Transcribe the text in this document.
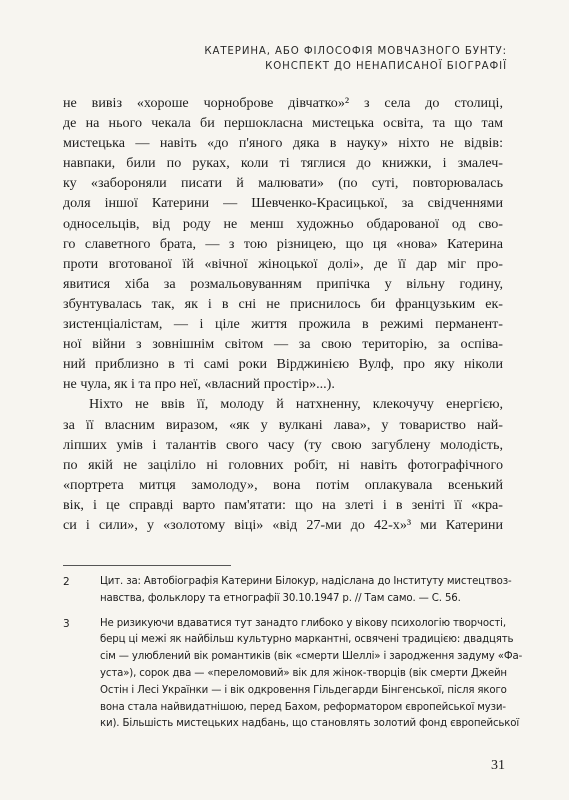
КАТЕРИНА, АБО ФІЛОСОФІЯ МОВЧАЗНОГО БУНТУ:
КОНСПЕКТ ДО НЕНАПИСАНОЇ БІОГРАФІЇ
не вивіз «хороше чорноброве дівчатко»² з села до столиці,
де на нього чекала би першокласна мистецька освіта, та що там
мистецька — навіть «до п'яного дяка в науку» ніхто не відвів:
навпаки, били по руках, коли ті тяглися до книжки, і змалеч-
ку «забороняли писати й малювати» (по суті, повторювалась
доля іншої Катерини — Шевченко-Красицької, за свідченнями
односельців, від роду не менш художньо обдарованої од сво-
го славетного брата, — з тою різницею, що ця «нова» Катерина
проти вготованої їй «вічної жіноцької долі», де її дар міг про-
явитися хіба за розмальовуванням припічка у вільну годину,
збунтувалась так, як і в сні не приснилось би французьким ек-
зистенціалістам, — і ціле життя прожила в режимі перманент-
ної війни з зовнішнім світом — за свою територію, за оспіва-
ний приблизно в ті самі роки Вірджинією Вулф, про яку ніколи
не чула, як і та про неї, «власний простір»...).
Ніхто не ввів її, молоду й натхненну, клекочучу енергією,
за її власним виразом, «як у вулкані лава», у товариство най-
ліпших умів і талантів свого часу (ту свою загублену молодість,
по якій не заціліло ні головних робіт, ні навіть фотографічного
«портрета митця замолоду», вона потім оплакувала всенький
вік, і це справді варто пам'ятати: що на злеті і в зеніті її «кра-
си і сили», у «золотому віці» «від 27-ми до 42-х»³ ми Катерини
2	Цит. за: Автобіографія Катерини Білокур, надіслана до Інституту мистецтвоз-
навства, фольклору та етнографії 30.10.1947 р. // Там само. — С. 56.
3	Не ризикуючи вдаватися тут занадто глибоко у вікову психологію творчості,
берц ці межі як найбільш культурно маркантні, освячені традицією: двадцять
сім — улюблений вік романтиків (вік «смерти Шеллі» і зародження задуму «Фа-
уста»), сорок два — «переломовий» вік для жінок-творців (вік смерти Джейн
Остін і Лесі Українки — і вік одкровення Гільдегарди Бінгенської, після якого
вона стала найвидатнішою, перед Бахом, реформатором європейської музи-
ки). Більшість мистецьких надбань, що становлять золотий фонд європейської
31
